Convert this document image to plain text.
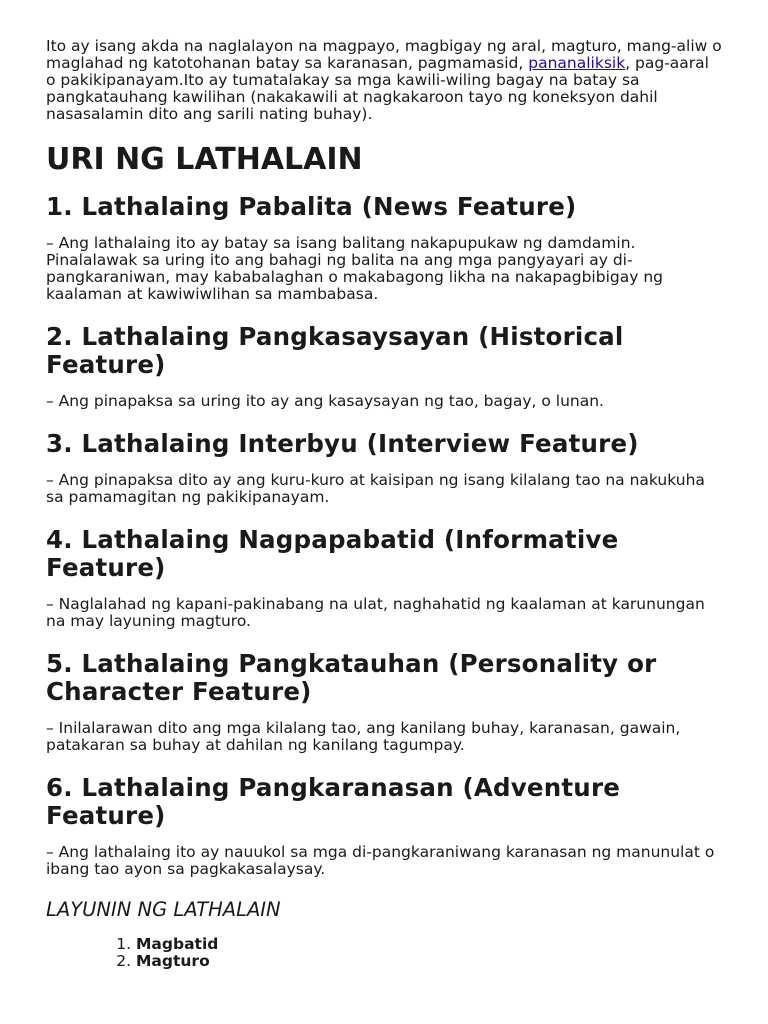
Ito ay isang akda na naglalayon na magpayo, magbigay ng aral, magturo, mang-aliw o maglahad ng katotohanan batay sa karanasan, pagmamasid, pananaliksik, pag-aaral o pakikipanayam.Ito ay tumatalakay sa mga kawili-wiling bagay na batay sa pangkatauhang kawilihan (nakakawili at nagkakaroon tayo ng koneksyon dahil nasasalamin dito ang sarili nating buhay).

URI NG LATHALAIN
1. Lathalaing Pabalita (News Feature)

– Ang lathalaing ito ay batay sa isang balitang nakapupukaw ng damdamin. Pinalalawak sa uring ito ang bahagi ng balita na ang mga pangyayari ay di-pangkaraniwan, may kababalaghan o makabagong likha na nakapagbibigay ng kaalaman at kawiwiwlihan sa mambabasa.

2. Lathalaing Pangkasaysayan (Historical Feature)

– Ang pinapaksa sa uring ito ay ang kasaysayan ng tao, bagay, o lunan.

3. Lathalaing Interbyu (Interview Feature)

– Ang pinapaksa dito ay ang kuru-kuro at kaisipan ng isang kilalang tao na nakukuha sa pamamagitan ng pakikipanayam.

4. Lathalaing Nagpapabatid (Informative Feature)

– Naglalahad ng kapani-pakinabang na ulat, naghahatid ng kaalaman at karunungan na may layuning magturo.

5. Lathalaing Pangkatauhan (Personality or Character Feature)

– Inilalarawan dito ang mga kilalang tao, ang kanilang buhay, karanasan, gawain, patakaran sa buhay at dahilan ng kanilang tagumpay.

6. Lathalaing Pangkaranasan (Adventure Feature)

– Ang lathalaing ito ay nauukol sa mga di-pangkaraniwang karanasan ng manunulat o ibang tao ayon sa pagkakasalaysay.

LAYUNIN NG LATHALAIN
1. Magbatid
2. Magturo
